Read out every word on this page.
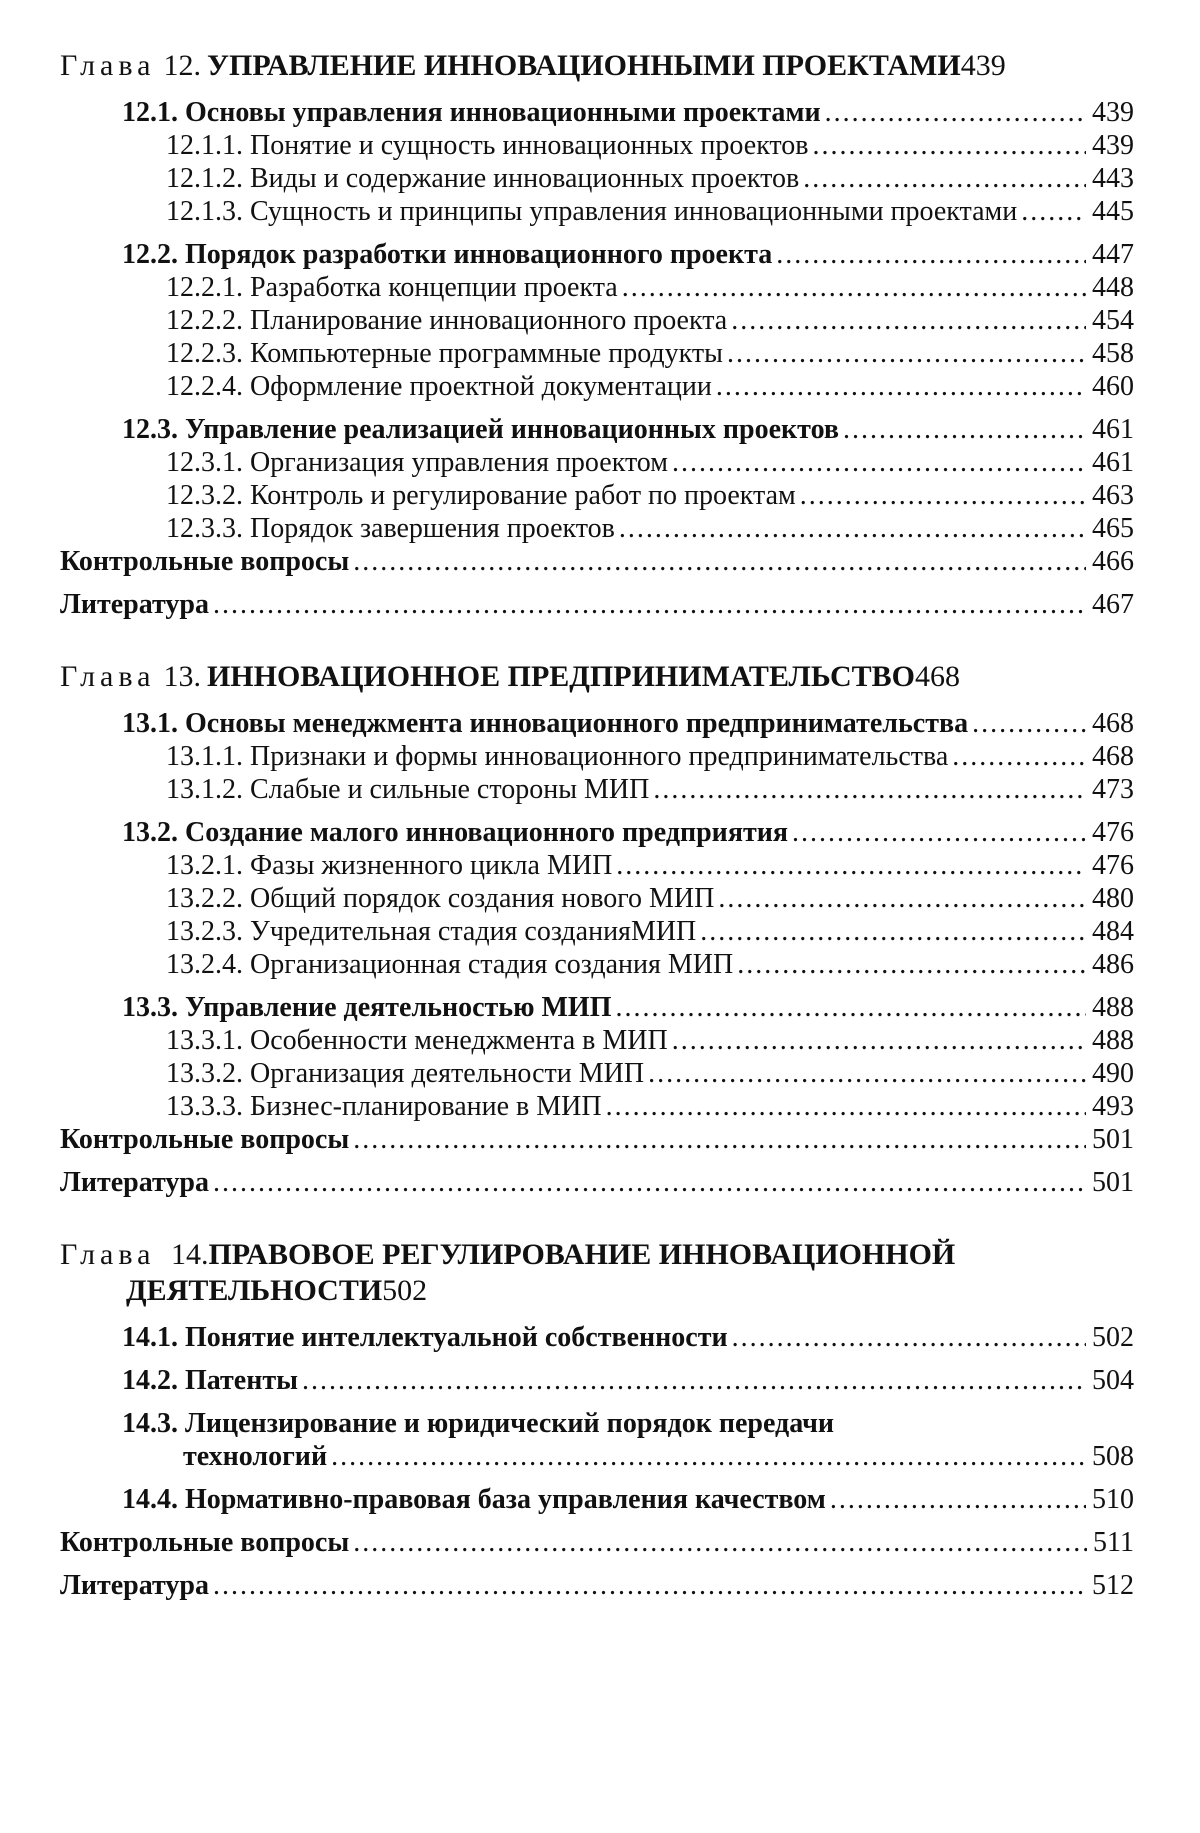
Глава 12. УПРАВЛЕНИЕ ИННОВАЦИОННЫМИ ПРОЕКТАМИ 439
12.1. Основы управления инновационными проектами .....	439
12.1.1. Понятие и сущность инновационных проектов .....	439
12.1.2. Виды и содержание инновационных проектов .....	443
12.1.3. Сущность и принципы управления инновационными проектами .....	445
12.2. Порядок разработки инновационного проекта .....	447
12.2.1. Разработка концепции проекта .....	448
12.2.2. Планирование инновационного проекта .....	454
12.2.3. Компьютерные программные продукты .....	458
12.2.4. Оформление проектной документации .....	460
12.3. Управление реализацией инновационных проектов .....	461
12.3.1. Организация управления проектом .....	461
12.3.2. Контроль и регулирование работ по проектам .....	463
12.3.3. Порядок завершения проектов .....	465
Контрольные вопросы .....	466
Литература .....	467
Глава 13. ИННОВАЦИОННОЕ ПРЕДПРИНИМАТЕЛЬСТВО 468
13.1. Основы менеджмента инновационного предпринимательства .....	468
13.1.1. Признаки и формы инновационного предпринимательства .....	468
13.1.2. Слабые и сильные стороны МИП .....	473
13.2. Создание малого инновационного предприятия .....	476
13.2.1. Фазы жизненного цикла МИП .....	476
13.2.2. Общий порядок создания нового МИП .....	480
13.2.3. Учредительная стадия созданияМИП .....	484
13.2.4. Организационная стадия создания МИП .....	486
13.3. Управление деятельностью МИП .....	488
13.3.1. Особенности менеджмента в МИП .....	488
13.3.2. Организация деятельности МИП .....	490
13.3.3. Бизнес-планирование в МИП .....	493
Контрольные вопросы .....	501
Литература .....	501
Глава 14.ПРАВОВОЕ РЕГУЛИРОВАНИЕ ИННОВАЦИОННОЙ
ДЕЯТЕЛЬНОСТИ 502
14.1. Понятие интеллектуальной собственности .....	502
14.2. Патенты .....	504
14.3. Лицензирование и юридический порядок передачи
технологий .....	508
14.4. Нормативно-правовая база управления качеством .....	510
Контрольные вопросы .....	511
Литература .....	512
